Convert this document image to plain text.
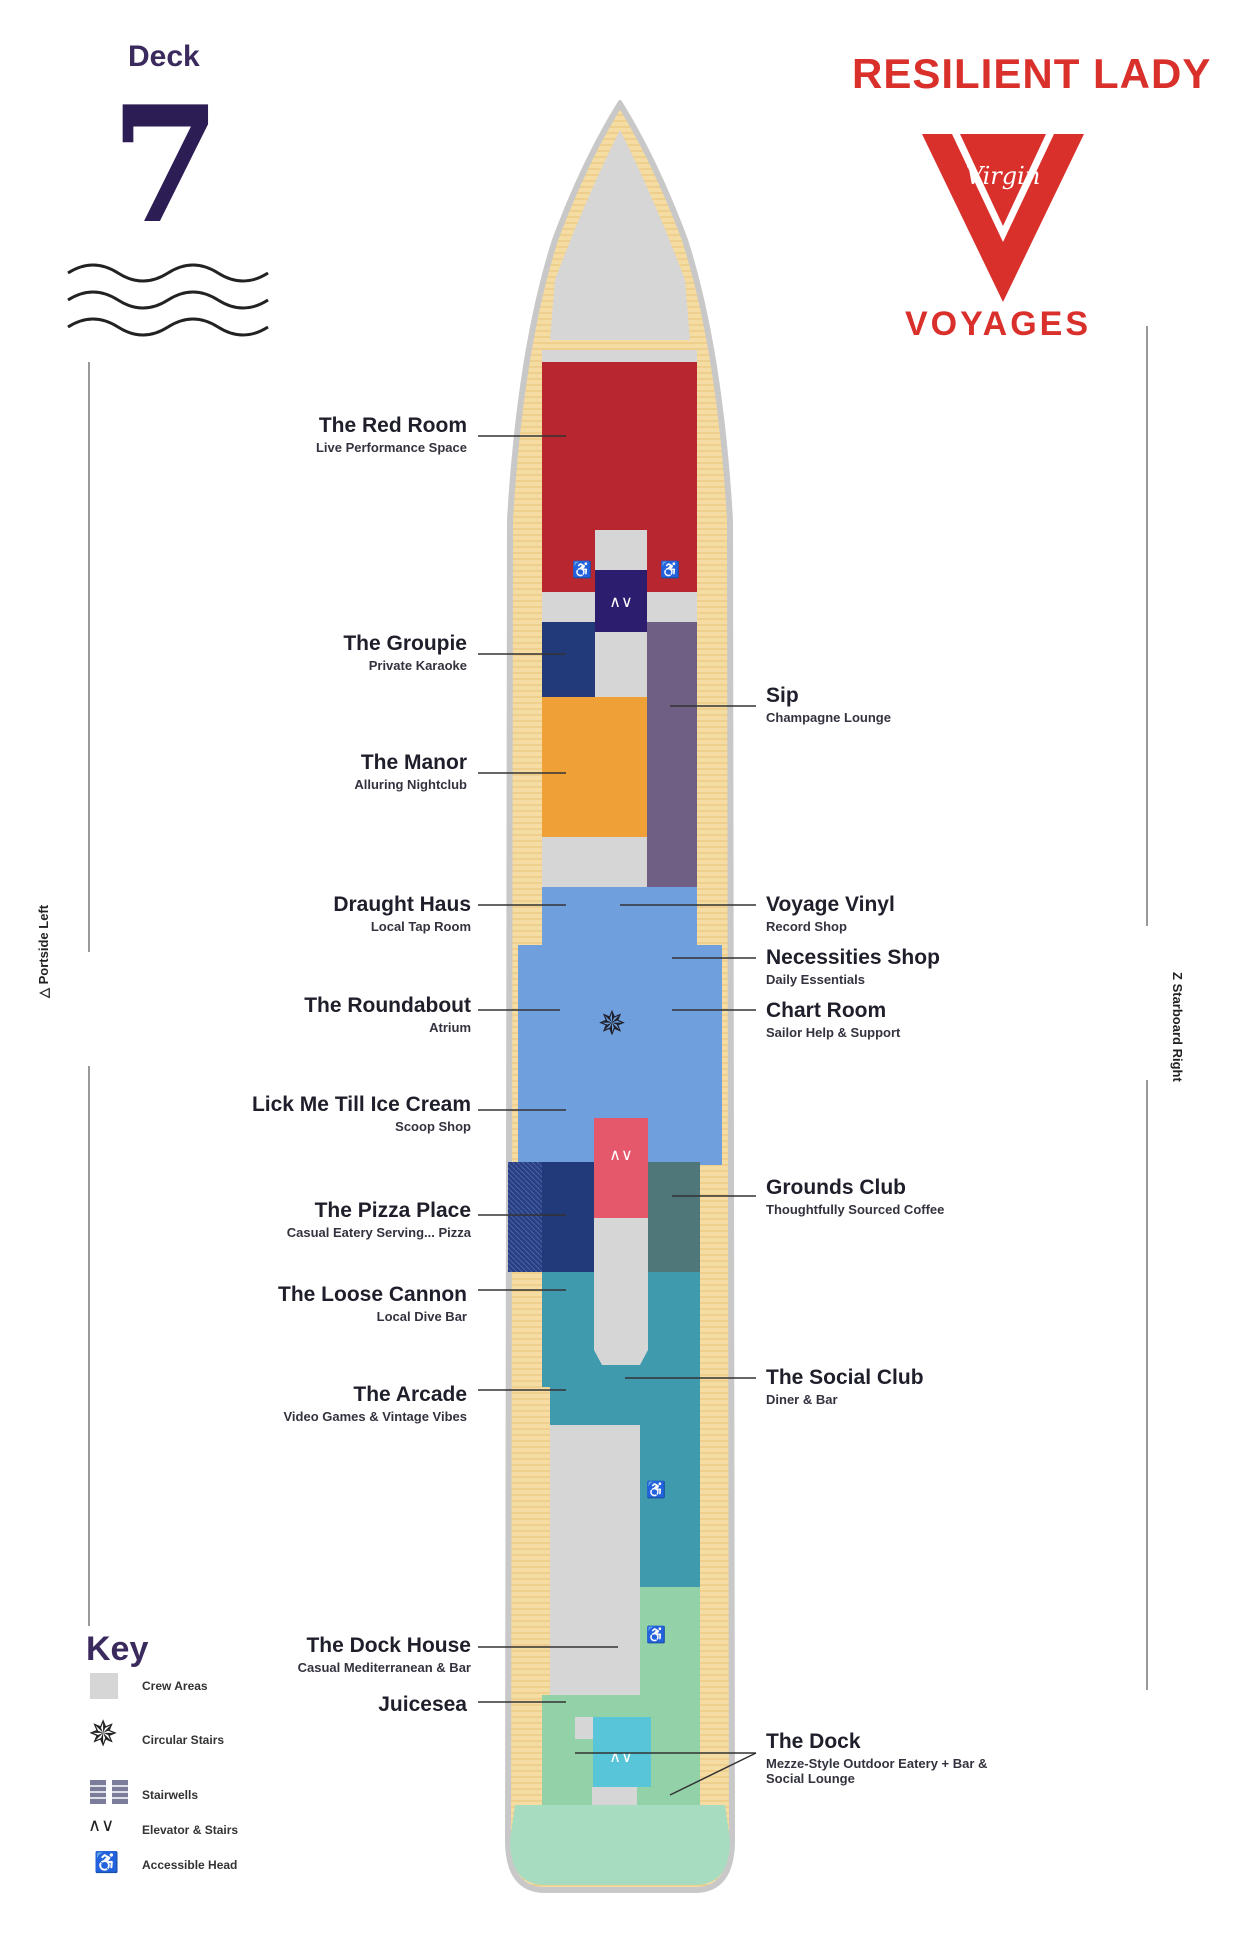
Deck
7	RESILIENT LADY
Virgin
VOYAGES
△ Portside Left	Z Starboard Right
♿	♿
∧∨
✵
∧∨
♿
♿
∧∨
The Red Room
Live Performance Space
The Groupie
Private Karaoke
The Manor
Alluring Nightclub
Draught Haus
Local Tap Room
The Roundabout
Atrium
Lick Me Till Ice Cream
Scoop Shop
The Pizza Place
Casual Eatery Serving... Pizza
The Loose Cannon
Local Dive Bar
The Arcade
Video Games & Vintage Vibes
The Dock House
Casual Mediterranean & Bar
Juicesea
Sip
Champagne Lounge
Voyage Vinyl
Record Shop
Necessities Shop
Daily Essentials
Chart Room
Sailor Help & Support
Grounds Club
Thoughtfully Sourced Coffee
The Social Club
Diner & Bar
The Dock
Mezze-Style Outdoor Eatery + Bar & Social Lounge
Key
Crew Areas
✵ Circular Stairs
Stairwells
∧∨ Elevator & Stairs
♿ Accessible Head
